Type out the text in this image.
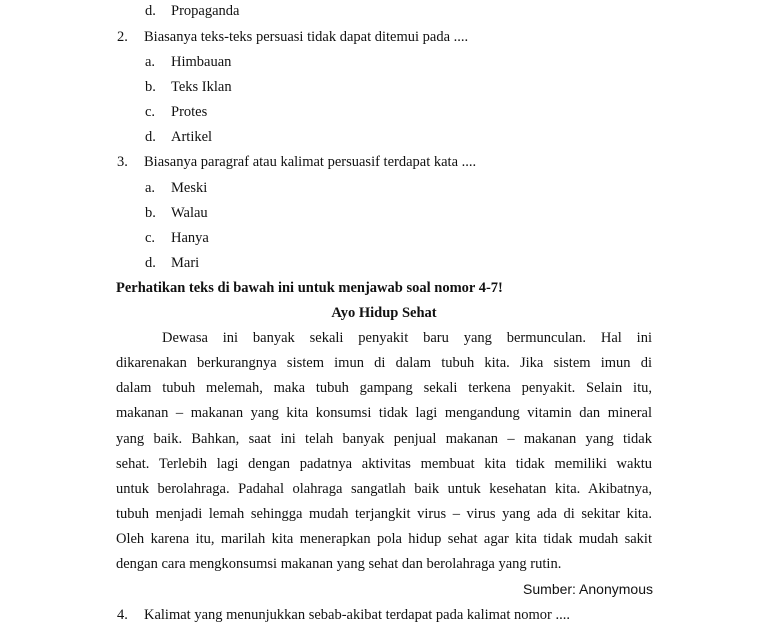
d. Propaganda
2. Biasanya teks-teks persuasi tidak dapat ditemui pada ....
a. Himbauan
b. Teks Iklan
c. Protes
d. Artikel
3. Biasanya paragraf atau kalimat persuasif terdapat kata ....
a. Meski
b. Walau
c. Hanya
d. Mari
Perhatikan teks di bawah ini untuk menjawab soal nomor 4-7!
Ayo Hidup Sehat
Dewasa ini banyak sekali penyakit baru yang bermunculan. Hal ini
dikarenakan berkurangnya sistem imun di dalam tubuh kita. Jika sistem imun di
dalam tubuh melemah, maka tubuh gampang sekali terkena penyakit. Selain itu,
makanan – makanan yang kita konsumsi tidak lagi mengandung vitamin dan mineral
yang baik. Bahkan, saat ini telah banyak penjual makanan – makanan yang tidak
sehat. Terlebih lagi dengan padatnya aktivitas membuat kita tidak memiliki waktu
untuk berolahraga. Padahal olahraga sangatlah baik untuk kesehatan kita. Akibatnya,
tubuh menjadi lemah sehingga mudah terjangkit virus – virus yang ada di sekitar kita.
Oleh karena itu, marilah kita menerapkan pola hidup sehat agar kita tidak mudah sakit
dengan cara mengkonsumsi makanan yang sehat dan berolahraga yang rutin.
Sumber: Anonymous
4. Kalimat yang menunjukkan sebab-akibat terdapat pada kalimat nomor ....
